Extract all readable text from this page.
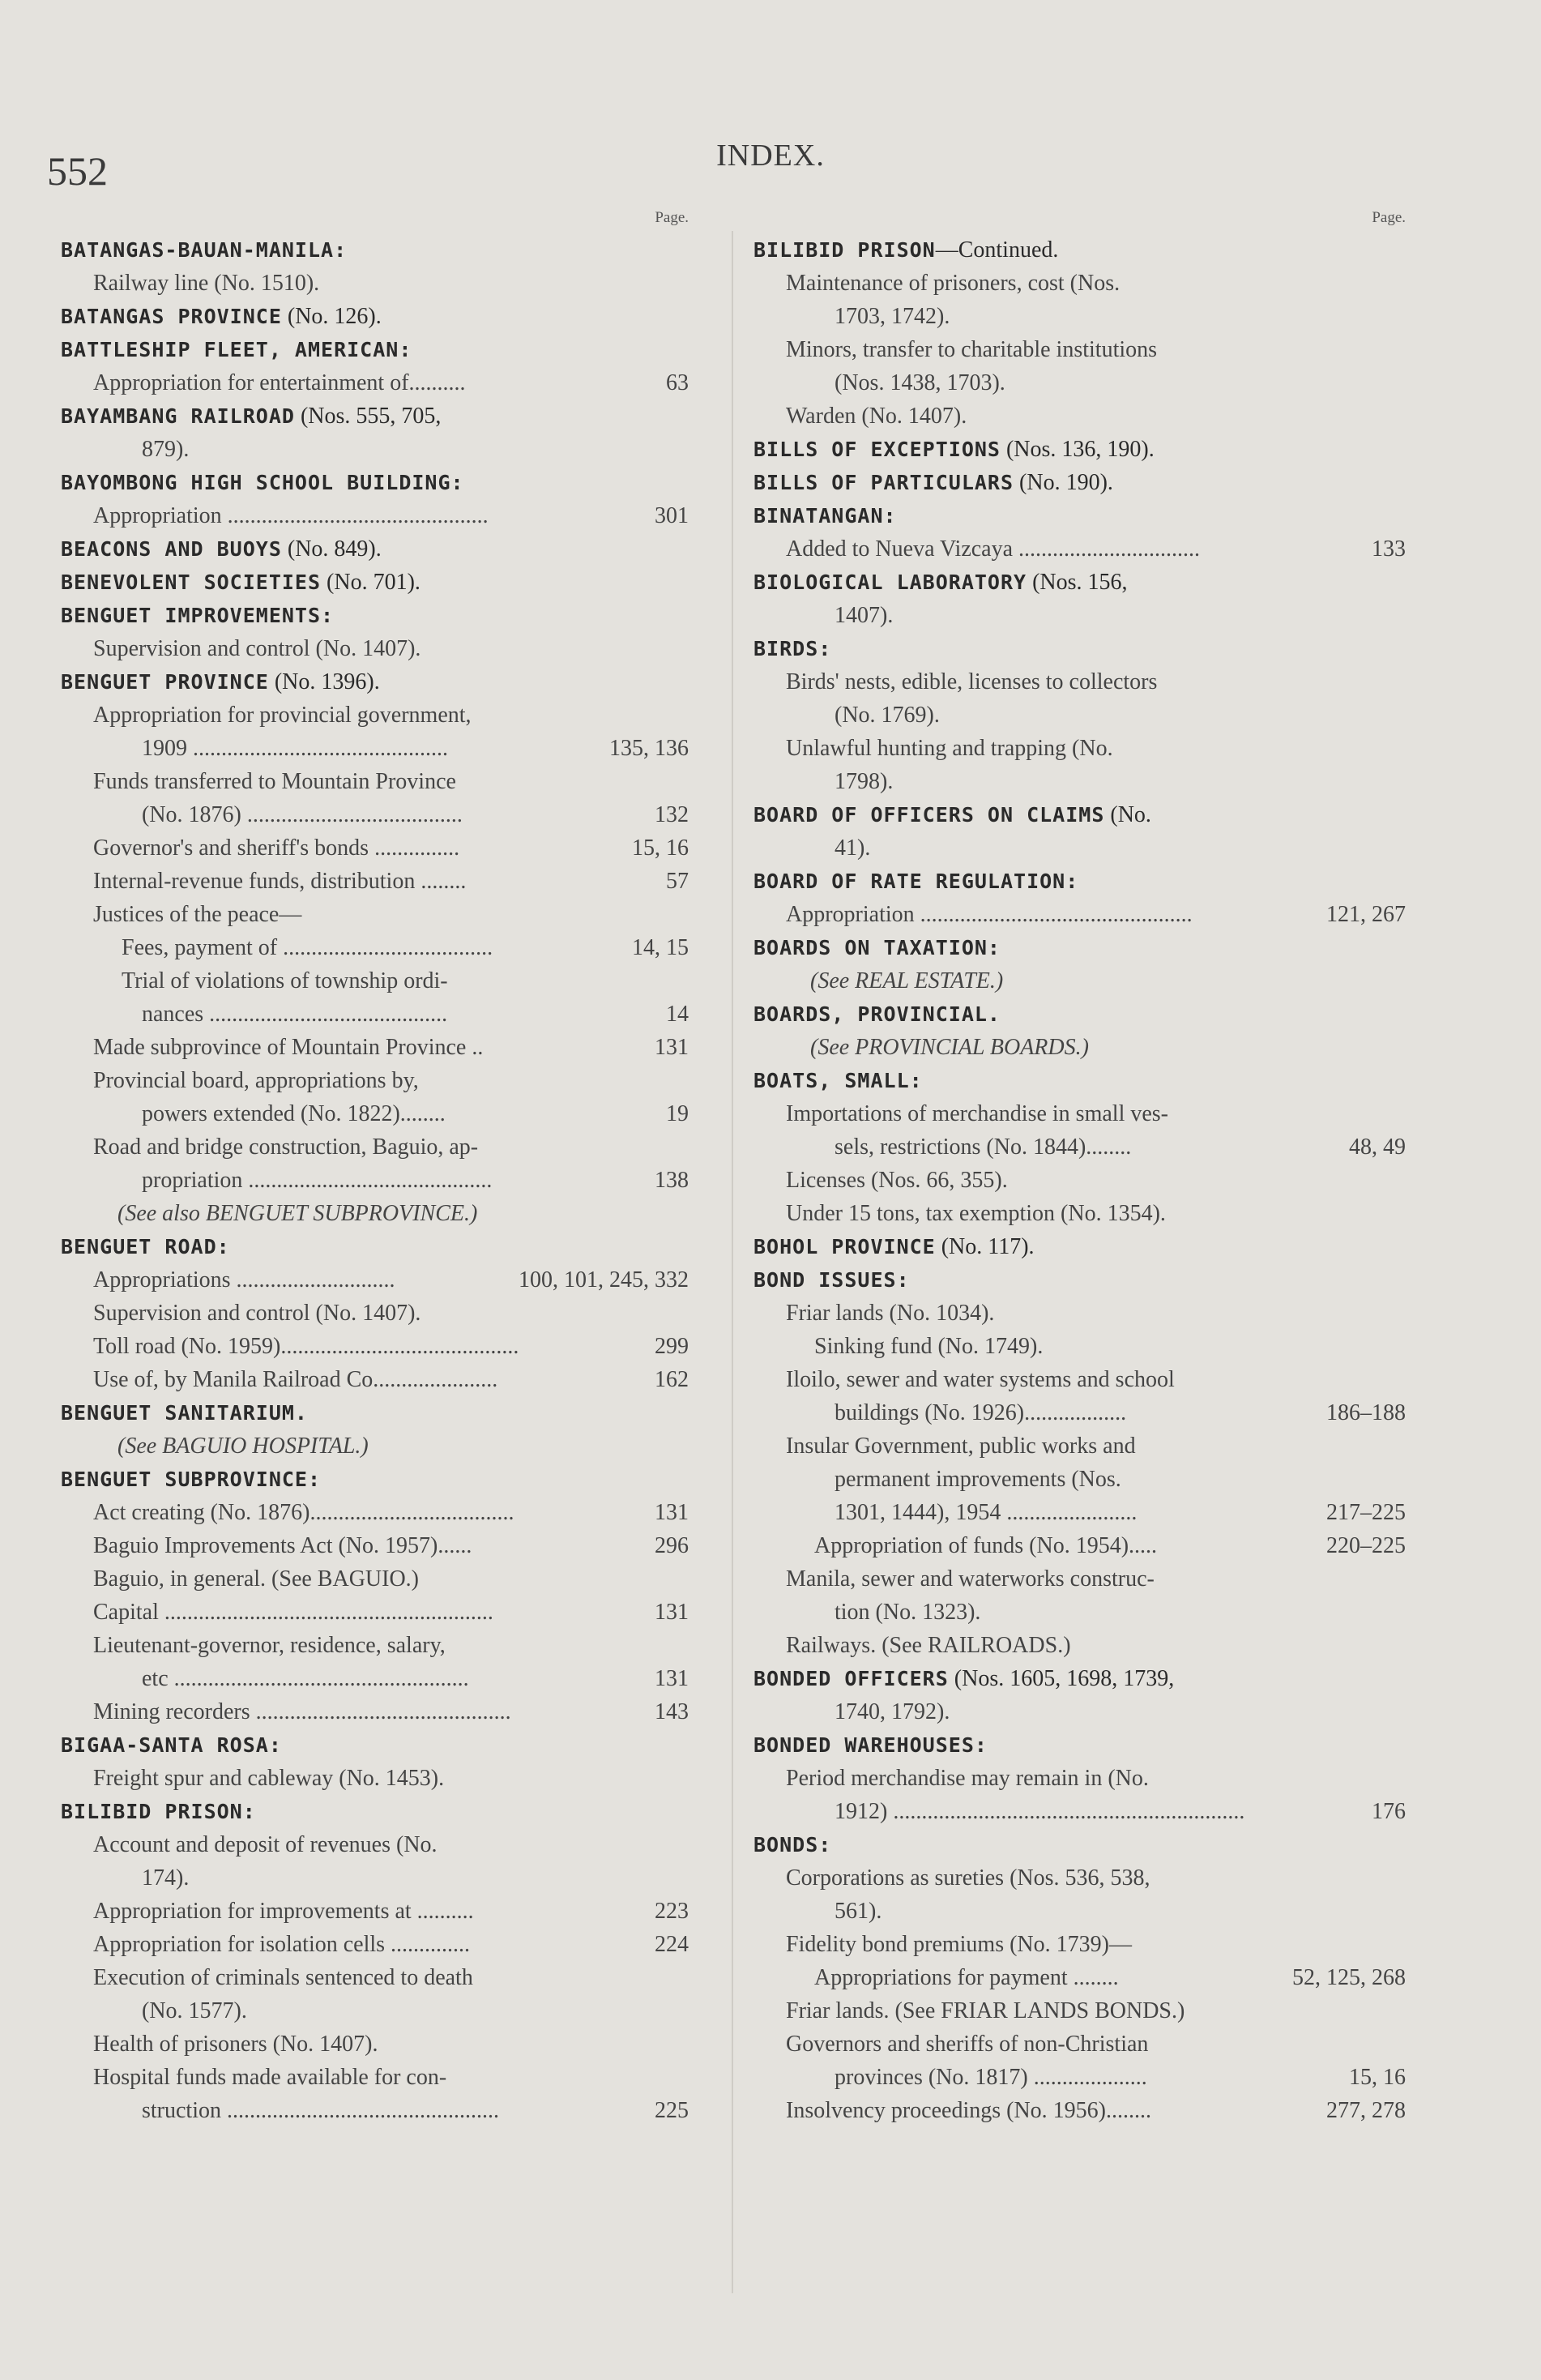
552	INDEX.
Page.
BATANGAS-BAUAN-MANILA:
Railway line (No. 1510).
BATANGAS PROVINCE (No. 126).
BATTLESHIP FLEET, AMERICAN:
Appropriation for entertainment of..........	63
BAYAMBANG RAILROAD (Nos. 555, 705,
879).
BAYOMBONG HIGH SCHOOL BUILDING:
Appropriation ..............................................	301
BEACONS AND BUOYS (No. 849).
BENEVOLENT SOCIETIES (No. 701).
BENGUET IMPROVEMENTS:
Supervision and control (No. 1407).
BENGUET PROVINCE (No. 1396).
Appropriation for provincial government,
1909 .............................................	135, 136
Funds transferred to Mountain Province
(No. 1876) ......................................	132
Governor's and sheriff's bonds ...............	15, 16
Internal-revenue funds, distribution ........	57
Justices of the peace—
Fees, payment of .....................................	14, 15
Trial of violations of township ordi-
nances ..........................................	14
Made subprovince of Mountain Province ..	131
Provincial board, appropriations by,
powers extended (No. 1822)........	19
Road and bridge construction, Baguio, ap-
propriation ...........................................	138
(See also BENGUET SUBPROVINCE.)
BENGUET ROAD:
Appropriations ............................	100, 101, 245, 332
Supervision and control (No. 1407).
Toll road (No. 1959)..........................................	299
Use of, by Manila Railroad Co......................	162
BENGUET SANITARIUM.
(See BAGUIO HOSPITAL.)
BENGUET SUBPROVINCE:
Act creating (No. 1876)....................................	131
Baguio Improvements Act (No. 1957)......	296
Baguio, in general. (See BAGUIO.)
Capital ..........................................................	131
Lieutenant-governor, residence, salary,
etc ....................................................	131
Mining recorders .............................................	143
BIGAA-SANTA ROSA:
Freight spur and cableway (No. 1453).
BILIBID PRISON:
Account and deposit of revenues (No.
174).
Appropriation for improvements at ..........	223
Appropriation for isolation cells ..............	224
Execution of criminals sentenced to death
(No. 1577).
Health of prisoners (No. 1407).
Hospital funds made available for con-
struction ................................................	225
Page.
BILIBID PRISON—Continued.
Maintenance of prisoners, cost (Nos.
1703, 1742).
Minors, transfer to charitable institutions
(Nos. 1438, 1703).
Warden (No. 1407).
BILLS OF EXCEPTIONS (Nos. 136, 190).
BILLS OF PARTICULARS (No. 190).
BINATANGAN:
Added to Nueva Vizcaya ................................	133
BIOLOGICAL LABORATORY (Nos. 156,
1407).
BIRDS:
Birds' nests, edible, licenses to collectors
(No. 1769).
Unlawful hunting and trapping (No.
1798).
BOARD OF OFFICERS ON CLAIMS (No.
41).
BOARD OF RATE REGULATION:
Appropriation ................................................	121, 267
BOARDS ON TAXATION:
(See REAL ESTATE.)
BOARDS, PROVINCIAL.
(See PROVINCIAL BOARDS.)
BOATS, SMALL:
Importations of merchandise in small ves-
sels, restrictions (No. 1844)........	48, 49
Licenses (Nos. 66, 355).
Under 15 tons, tax exemption (No. 1354).
BOHOL PROVINCE (No. 117).
BOND ISSUES:
Friar lands (No. 1034).
Sinking fund (No. 1749).
Iloilo, sewer and water systems and school
buildings (No. 1926)..................	186–188
Insular Government, public works and
permanent improvements (Nos.
1301, 1444), 1954 .......................	217–225
Appropriation of funds (No. 1954).....	220–225
Manila, sewer and waterworks construc-
tion (No. 1323).
Railways. (See RAILROADS.)
BONDED OFFICERS (Nos. 1605, 1698, 1739,
1740, 1792).
BONDED WAREHOUSES:
Period merchandise may remain in (No.
1912) ..............................................................	176
BONDS:
Corporations as sureties (Nos. 536, 538,
561).
Fidelity bond premiums (No. 1739)—
Appropriations for payment ........	52, 125, 268
Friar lands. (See FRIAR LANDS BONDS.)
Governors and sheriffs of non-Christian
provinces (No. 1817) ....................	15, 16
Insolvency proceedings (No. 1956)........	277, 278
